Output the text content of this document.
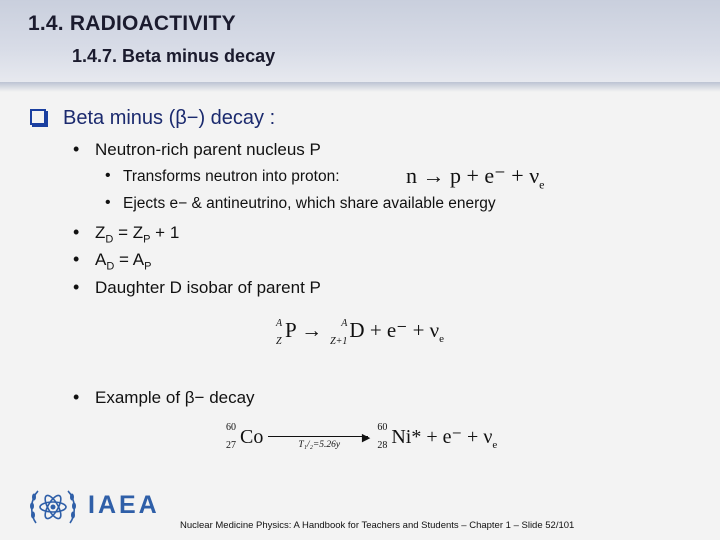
1.4. RADIOACTIVITY
1.4.7. Beta minus decay
Beta minus (β−) decay :
• Neutron-rich parent nucleus P
• Transforms neutron into proton:	$n \to p + e^- + \nu_e$
• Ejects e− & antineutrino, which share available energy
• $Z_D = Z_P + 1$
• $A_D = A_P$
• Daughter D isobar of parent P
A
Z P → A
Z+1 $D + e^- + \nu_e$
• Example of β− decay
60
27 Co	▶
T₁/₂=5.26y

60
28 $Ni* + e^- + \nu_e$
IAEA
Nuclear Medicine Physics: A Handbook for Teachers and Students – Chapter 1 – Slide 52/101
